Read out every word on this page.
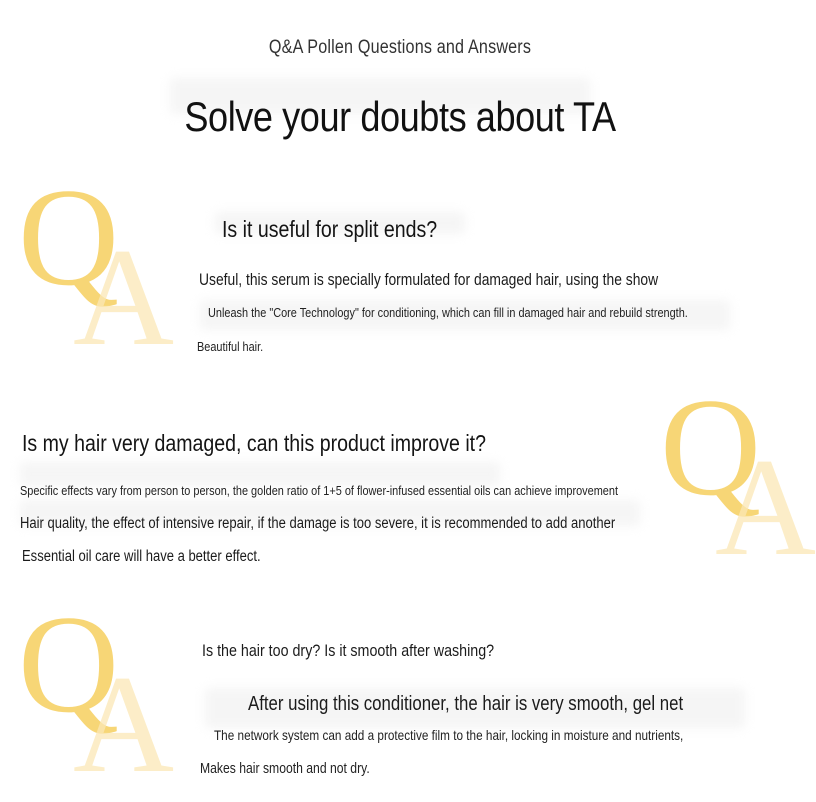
Q&A Pollen Questions and Answers
Solve your doubts about TA
Q
A
Q
A
Q
A
Is it useful for split ends?
Useful, this serum is specially formulated for damaged hair, using the show
Unleash the "Core Technology" for conditioning, which can fill in damaged hair and rebuild strength.
Beautiful hair.
Is my hair very damaged, can this product improve it?
Specific effects vary from person to person, the golden ratio of 1+5 of flower-infused essential oils can achieve improvement
Hair quality, the effect of intensive repair, if the damage is too severe, it is recommended to add another
Essential oil care will have a better effect.
Is the hair too dry? Is it smooth after washing?
After using this conditioner, the hair is very smooth, gel net
The network system can add a protective film to the hair, locking in moisture and nutrients,
Makes hair smooth and not dry.
